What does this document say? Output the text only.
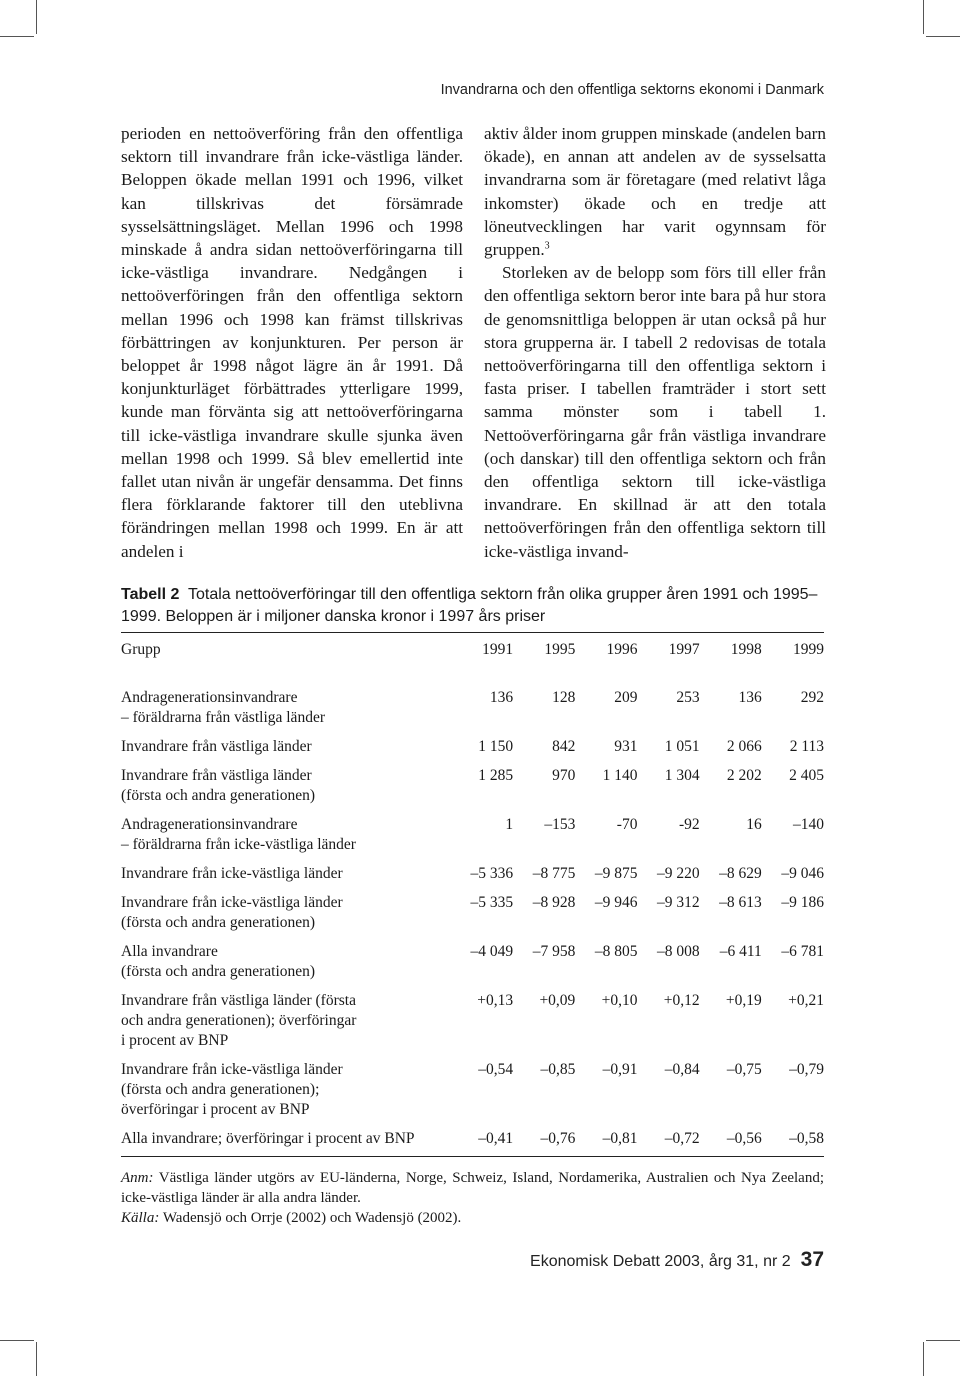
Invandrarna och den offentliga sektorns ekonomi i Danmark

perioden en nettoöverföring från den offentliga sektorn till invandrare från icke-västliga länder. Beloppen ökade mellan 1991 och 1996, vilket kan tillskrivas det försämrade sysselsättningsläget. Mellan 1996 och 1998 minskade å andra sidan nettoöverföringarna till icke-västliga invandrare. Nedgången i nettoöverföringen från den offentliga sektorn mellan 1996 och 1998 kan främst tillskrivas förbättringen av konjunkturen. Per person är beloppet år 1998 något lägre än år 1991. Då konjunkturläget förbättrades ytterligare 1999, kunde man förvänta sig att nettoöverföringarna till icke-västliga invandrare skulle sjunka även mellan 1998 och 1999. Så blev emellertid inte fallet utan nivån är ungefär densamma. Det finns flera förklarande faktorer till den uteblivna förändringen mellan 1998 och 1999. En är att andelen i

aktiv ålder inom gruppen minskade (andelen barn ökade), en annan att andelen av de sysselsatta invandrarna som är företagare (med relativt låga inkomster) ökade och en tredje att löneutvecklingen har varit ogynnsam för gruppen.$^3$

Storleken av de belopp som förs till eller från den offentliga sektorn beror inte bara på hur stora de genomsnittliga beloppen är utan också på hur stora grupperna är. I tabell 2 redovisas de totala nettoöverföringarna till den offentliga sektorn i fasta priser. I tabellen framträder i stort sett samma mönster som i tabell 1. Nettoöverföringarna går från västliga invandrare (och danskar) till den offentliga sektorn och från den offentliga sektorn till icke-västliga invandrare. En skillnad är att den totala nettoöverföringen från den offentliga sektorn till icke-västliga invand-

Tabell 2 Totala nettoöverföringar till den offentliga sektorn från olika grupper åren 1991 och 1995–1999. Beloppen är i miljoner danska kronor i 1997 års priser
Grupp	1991	1995	1996	1997	1998	1999

Andragenerationsinvandrare
– föräldrarna från västliga länder	136	128	209	253	136	292

Invandrare från västliga länder	1 150	842	931	1 051	2 066	2 113

Invandrare från västliga länder
(första och andra generationen)	1 285	970	1 140	1 304	2 202	2 405

Andragenerationsinvandrare
– föräldrarna från icke-västliga länder	1	–153	-70	-92	16	–140

Invandrare från icke-västliga länder	–5 336	–8 775	–9 875	–9 220	–8 629	–9 046

Invandrare från icke-västliga länder
(första och andra generationen)	–5 335	–8 928	–9 946	–9 312	–8 613	–9 186

Alla invandrare
(första och andra generationen)	–4 049	–7 958	–8 805	–8 008	–6 411	–6 781

Invandrare från västliga länder (första
och andra generationen); överföringar
i procent av BNP	+0,13	+0,09	+0,10	+0,12	+0,19	+0,21

Invandrare från icke-västliga länder
(första och andra generationen);
överföringar i procent av BNP	–0,54	–0,85	–0,91	–0,84	–0,75	–0,79

Alla invandrare; överföringar i procent av BNP	–0,41	–0,76	–0,81	–0,72	–0,56	–0,58

Anm: Västliga länder utgörs av EU-länderna, Norge, Schweiz, Island, Nordamerika, Australien och Nya Zeeland; icke-västliga länder är alla andra länder.

Källa: Wadensjö och Orrje (2002) och Wadensjö (2002).

Ekonomisk Debatt 2003, årg 31, nr 2 37
